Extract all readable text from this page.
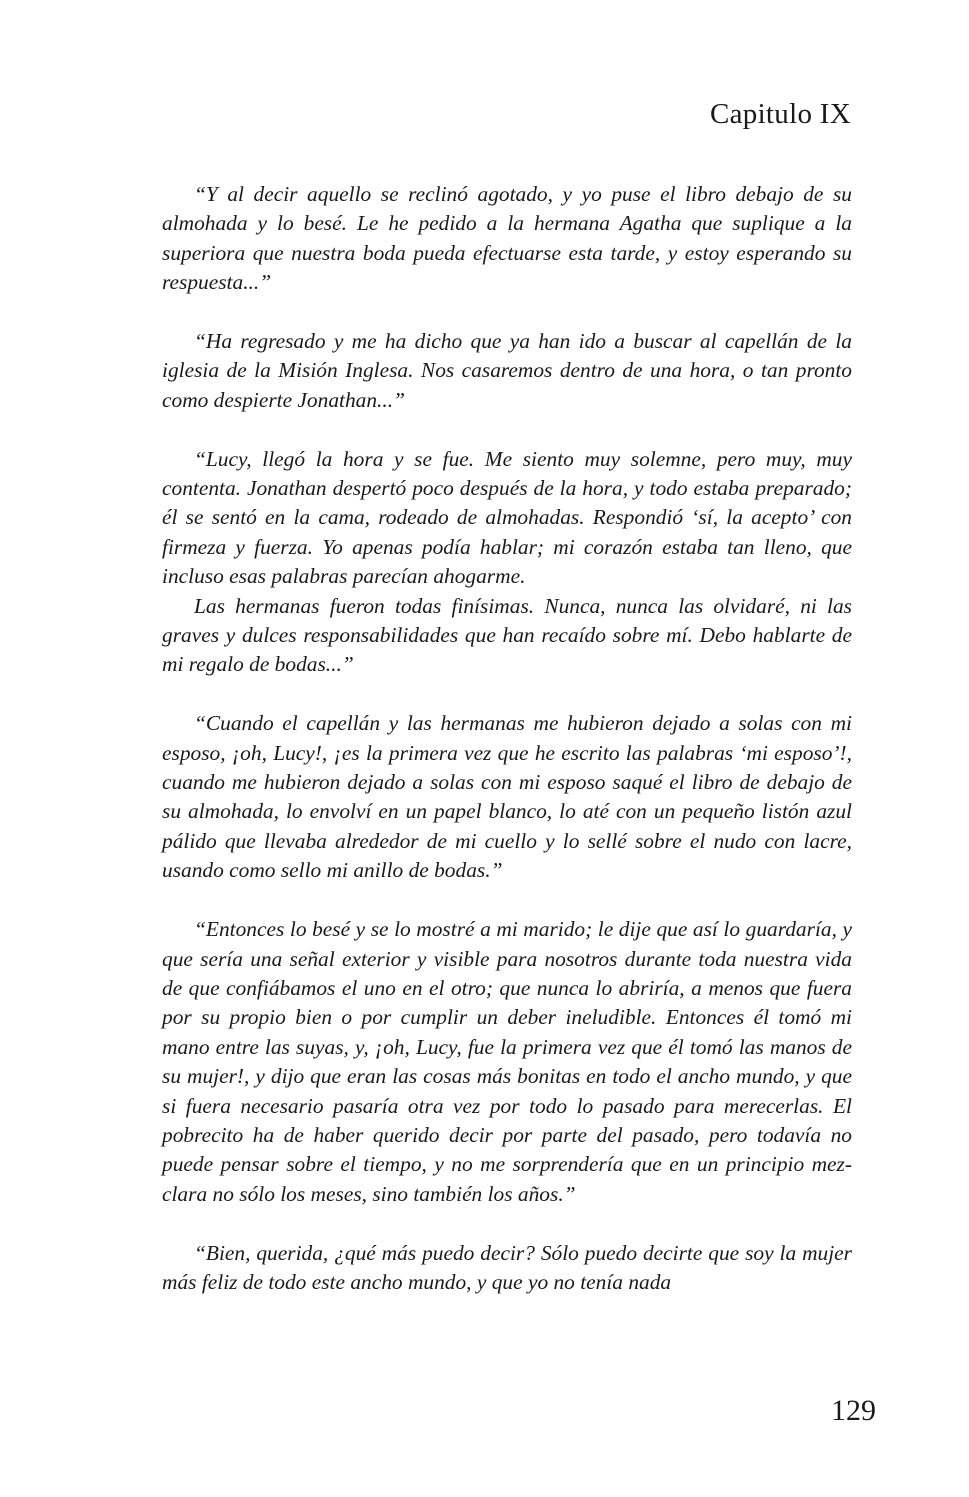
Capitulo IX

“Y al decir aquello se reclinó agotado, y yo puse el libro debajo de su almohada y lo besé. Le he pedido a la hermana Agatha que suplique a la superiora que nuestra boda pueda efectuarse esta tarde, y estoy esperando su respuesta...”

“Ha regresado y me ha dicho que ya han ido a buscar al capellán de la iglesia de la Misión Inglesa. Nos casaremos dentro de una hora, o tan pronto como despierte Jonathan...”

“Lucy, llegó la hora y se fue. Me siento muy solemne, pero muy, muy contenta. Jonathan despertó poco después de la hora, y todo estaba preparado; él se sentó en la cama, rodeado de almohadas. Respondió ‘sí, la acepto’ con firmeza y fuerza. Yo apenas podía hablar; mi corazón estaba tan lleno, que incluso esas palabras parecían ahogarme.

Las hermanas fueron todas finísimas. Nunca, nunca las olvidaré, ni las graves y dulces responsabilidades que han recaído sobre mí. Debo hablarte de mi regalo de bodas...”

“Cuando el capellán y las hermanas me hubieron dejado a solas con mi esposo, ¡oh, Lucy!, ¡es la primera vez que he escrito las palabras ‘mi esposo’!, cuando me hubieron dejado a solas con mi esposo saqué el libro de debajo de su almohada, lo envolví en un papel blanco, lo até con un pequeño listón azul pálido que llevaba alrededor de mi cuello y lo sellé sobre el nudo con lacre, usando como sello mi anillo de bodas.”

“Entonces lo besé y se lo mostré a mi marido; le dije que así lo guardaría, y que sería una señal exterior y visible para nosotros durante toda nuestra vida de que confiábamos el uno en el otro; que nunca lo abriría, a menos que fuera por su propio bien o por cumplir un deber ineludible. Entonces él tomó mi mano entre las suyas, y, ¡oh, Lucy, fue la primera vez que él tomó las manos de su mujer!, y dijo que eran las cosas más bonitas en todo el ancho mundo, y que si fuera necesario pasaría otra vez por todo lo pasado para merecerlas. El pobrecito ha de haber querido decir por parte del pasado, pero todavía no puede pensar sobre el tiempo, y no me sorprendería que en un principio mezclara no sólo los meses, sino también los años.”

“Bien, querida, ¿qué más puedo decir? Sólo puedo decirte que soy la mujer más feliz de todo este ancho mundo, y que yo no tenía nada

129
